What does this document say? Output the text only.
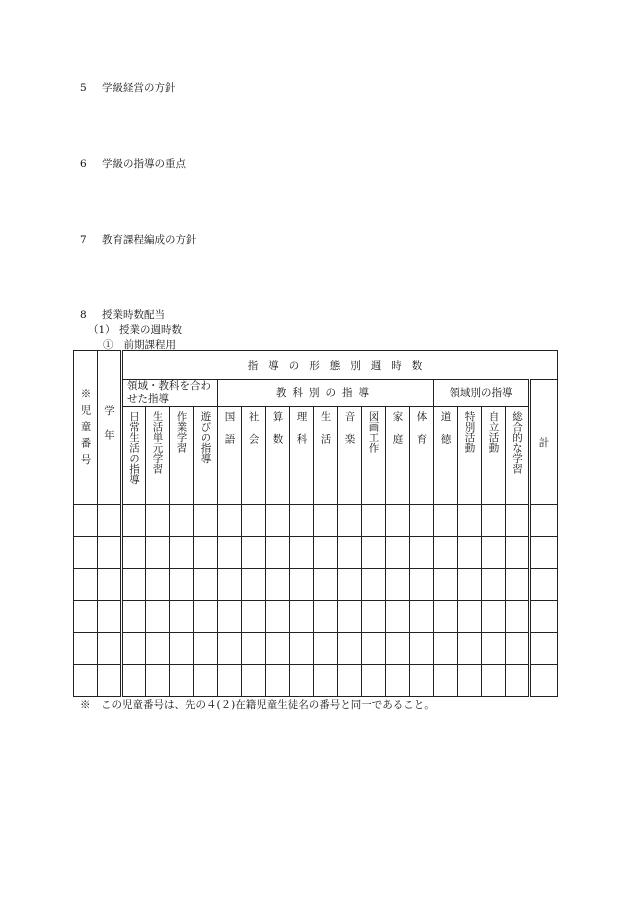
5 学級経営の方針
6 学級の指導の重点
7 教育課程編成の方針
8 授業時数配当
（1） 授業の週時数
① 前期課程用
※児童番号	学年	指導の形態別週時数																	
		領域・教科を合わせた指導				教科別の指導									領域別の指導				計

		日常生活の指導	生活単元学習	作業学習	遊びの指導	国語	社会	算数	理科	生活	音楽	図画工作	家庭	体育	道徳	特別活動	自立活動	総合的な学習	

※　この児童番号は、先の４(２)在籍児童生徒名の番号と同一であること。
